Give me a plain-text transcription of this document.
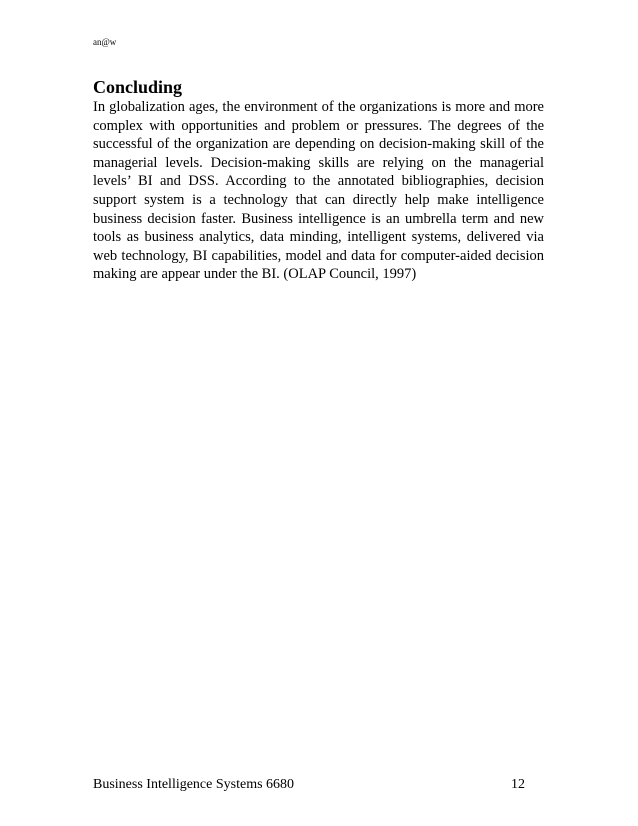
an@w
Concluding

In globalization ages, the environment of the organizations is more and more complex with opportunities and problem or pressures. The degrees of the successful of the organization are depending on decision-making skill of the managerial levels. Decision-making skills are relying on the managerial levels’ BI and DSS. According to the annotated bibliographies, decision support system is a technology that can directly help make intelligence business decision faster. Business intelligence is an umbrella term and new tools as business analytics, data minding, intelligent systems, delivered via web technology, BI capabilities, model and data for computer-aided decision making are appear under the BI. (OLAP Council, 1997)

Business Intelligence Systems 6680	12
